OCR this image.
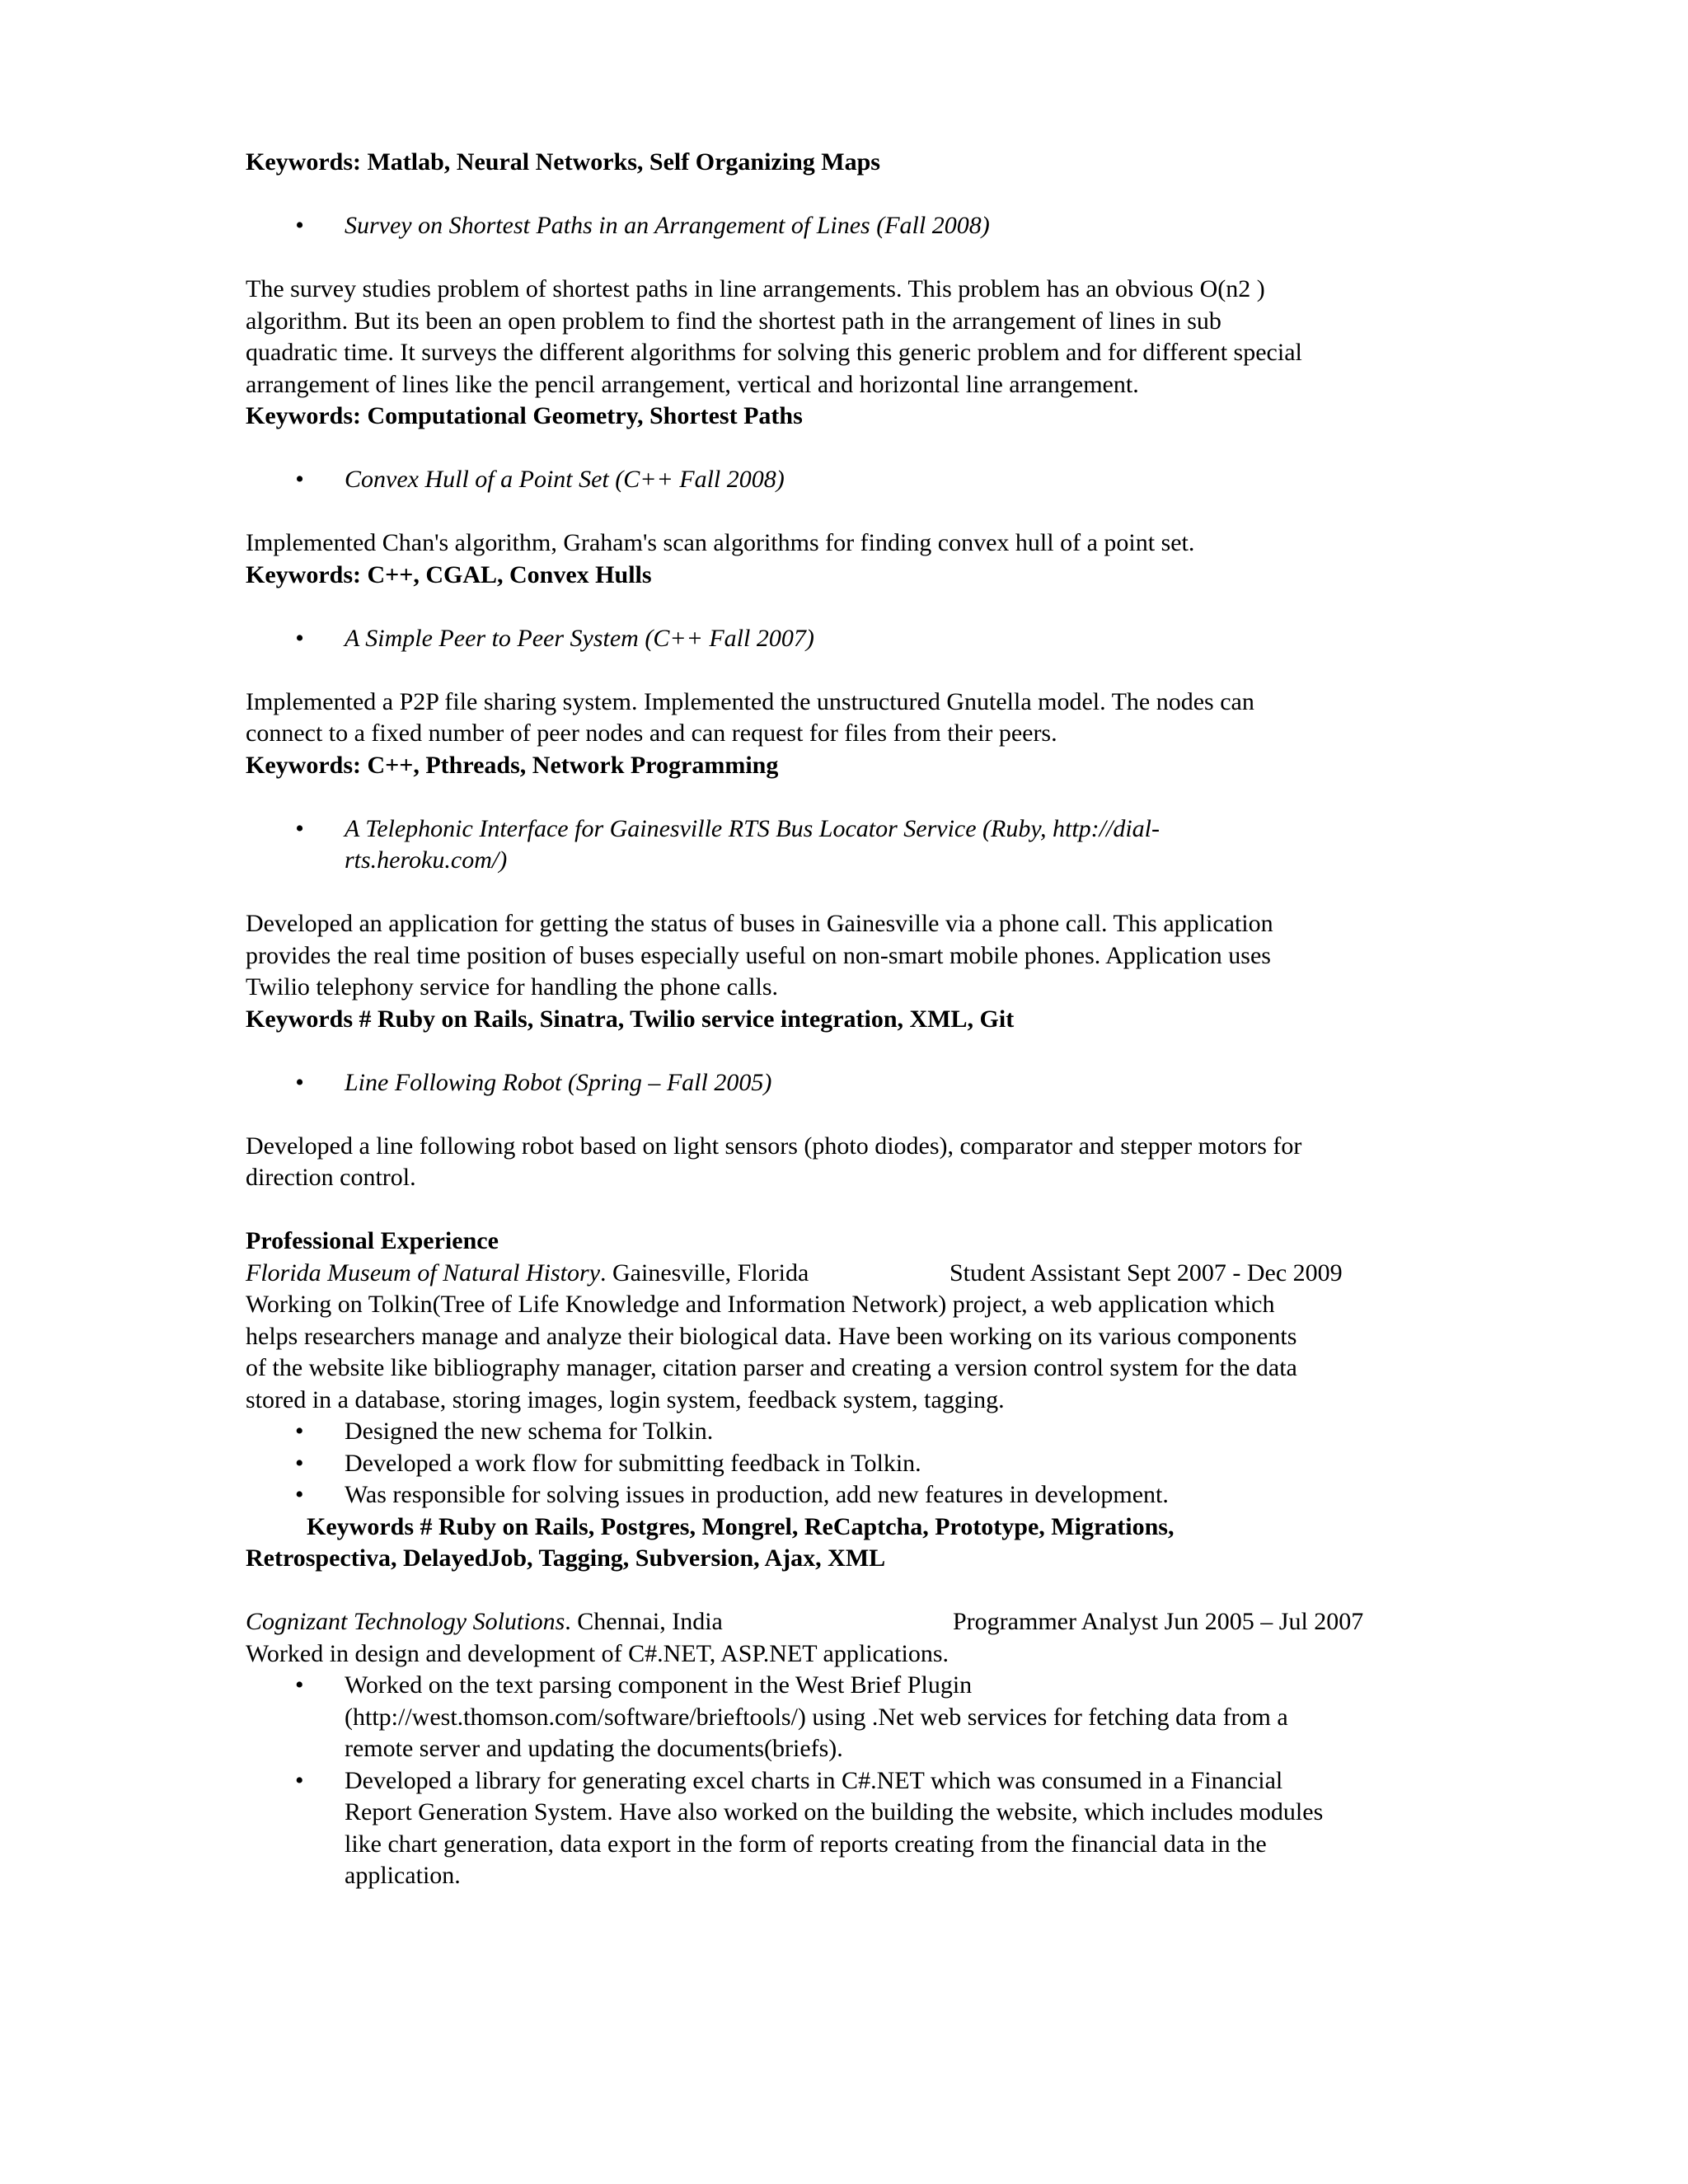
Keywords: Matlab, Neural Networks, Self Organizing Maps
• Survey on Shortest Paths in an Arrangement of Lines (Fall 2008)
The survey studies problem of shortest paths in line arrangements. This problem has an obvious O(n2 )
algorithm. But its been an open problem to find the shortest path in the arrangement of lines in sub
quadratic time. It surveys the different algorithms for solving this generic problem and for different special
arrangement of lines like the pencil arrangement, vertical and horizontal line arrangement.
Keywords: Computational Geometry, Shortest Paths
• Convex Hull of a Point Set (C++ Fall 2008)
Implemented Chan's algorithm, Graham's scan algorithms for finding convex hull of a point set.
Keywords: C++, CGAL, Convex Hulls
• A Simple Peer to Peer System (C++ Fall 2007)
Implemented a P2P file sharing system. Implemented the unstructured Gnutella model. The nodes can
connect to a fixed number of peer nodes and can request for files from their peers.
Keywords: C++, Pthreads, Network Programming
• A Telephonic Interface for Gainesville RTS Bus Locator Service (Ruby, http://dial-
rts.heroku.com/)
Developed an application for getting the status of buses in Gainesville via a phone call. This application
provides the real time position of buses especially useful on non-smart mobile phones. Application uses
Twilio telephony service for handling the phone calls.
Keywords # Ruby on Rails, Sinatra, Twilio service integration, XML, Git
• Line Following Robot (Spring – Fall 2005)
Developed a line following robot based on light sensors (photo diodes), comparator and stepper motors for
direction control.
Professional Experience
Florida Museum of Natural History. Gainesville, Florida	Student Assistant Sept 2007 - Dec 2009
Working on Tolkin(Tree of Life Knowledge and Information Network) project, a web application which
helps researchers manage and analyze their biological data. Have been working on its various components
of the website like bibliography manager, citation parser and creating a version control system for the data
stored in a database, storing images, login system, feedback system, tagging.
• Designed the new schema for Tolkin.
• Developed a work flow for submitting feedback in Tolkin.
• Was responsible for solving issues in production, add new features in development.
Keywords # Ruby on Rails, Postgres, Mongrel, ReCaptcha, Prototype, Migrations,
Retrospectiva, DelayedJob, Tagging, Subversion, Ajax, XML
Cognizant Technology Solutions. Chennai, India	Programmer Analyst Jun 2005 – Jul 2007
Worked in design and development of C#.NET, ASP.NET applications.
• Worked on the text parsing component in the West Brief Plugin
(http://west.thomson.com/software/brieftools/) using .Net web services for fetching data from a
remote server and updating the documents(briefs).
• Developed a library for generating excel charts in C#.NET which was consumed in a Financial
Report Generation System. Have also worked on the building the website, which includes modules
like chart generation, data export in the form of reports creating from the financial data in the
application.
